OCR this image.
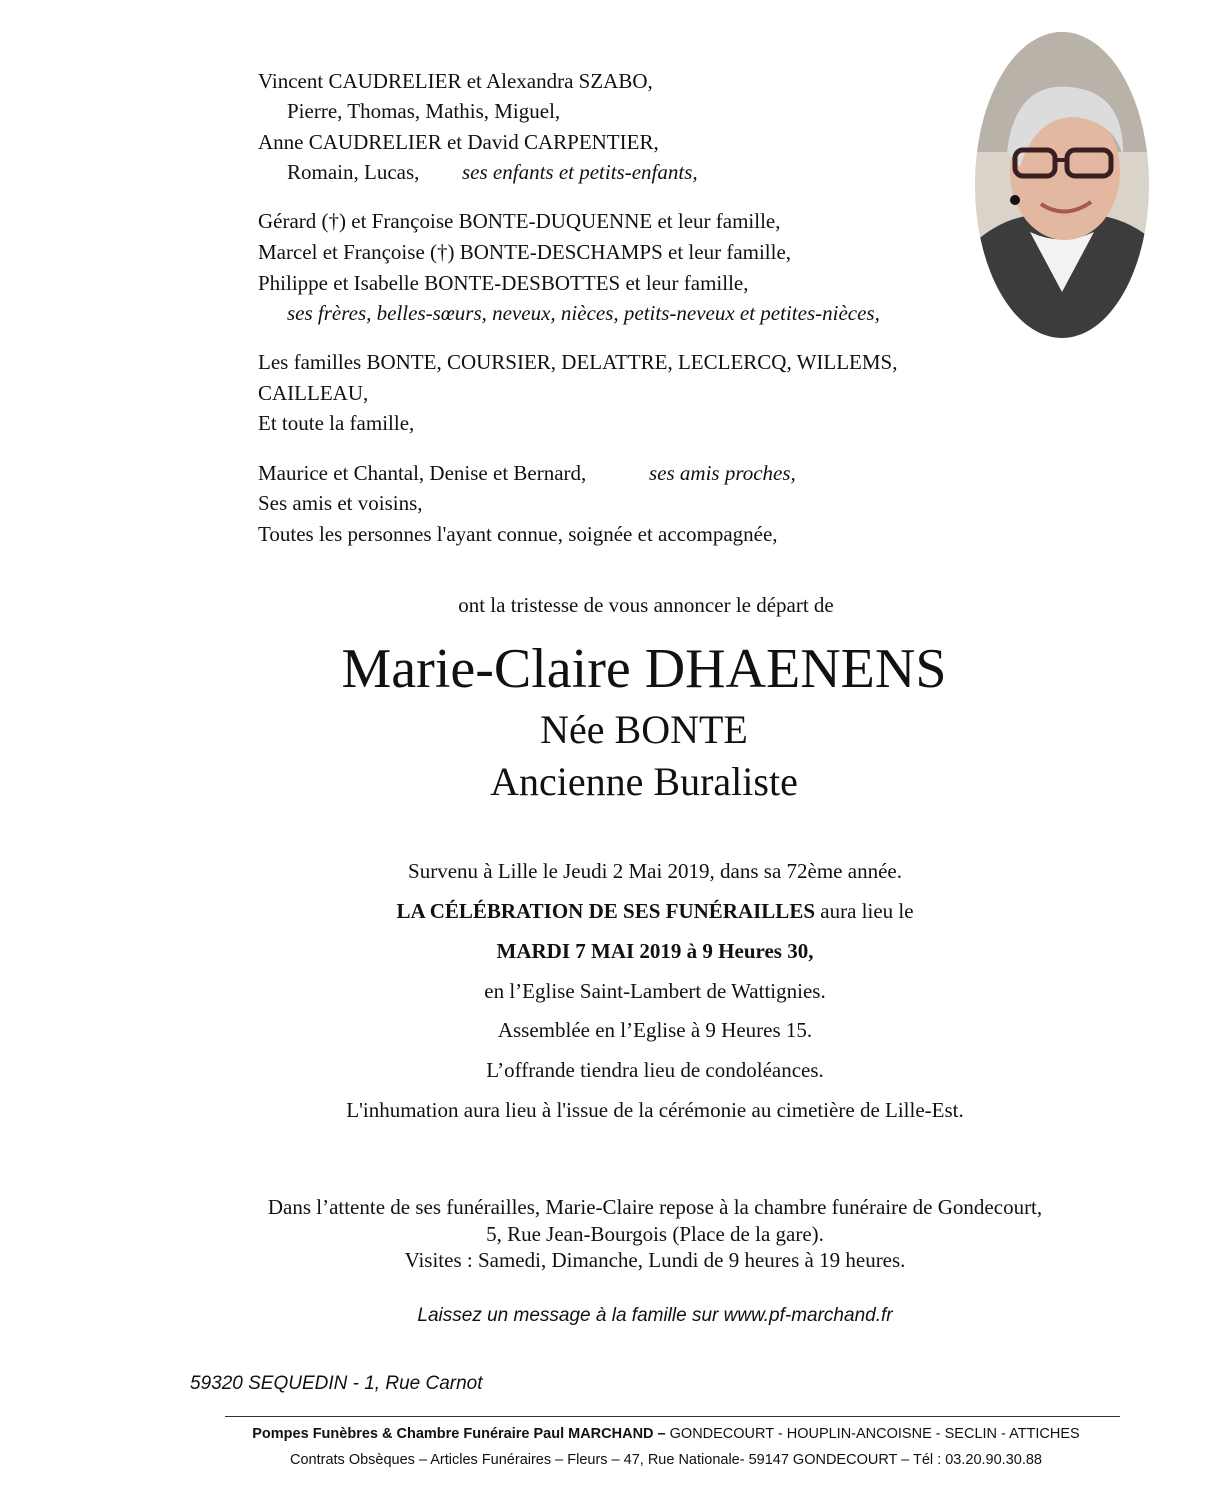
Vincent CAUDRELIER et Alexandra SZABO,
Pierre, Thomas, Mathis, Miguel,
Anne CAUDRELIER et David CARPENTIER,
Romain, Lucas, ses enfants et petits-enfants,
Gérard (†) et Françoise BONTE-DUQUENNE et leur famille,
Marcel et Françoise (†) BONTE-DESCHAMPS et leur famille,
Philippe et Isabelle BONTE-DESBOTTES et leur famille,
ses frères, belles-sœurs, neveux, nièces, petits-neveux et petites-nièces,
Les familles BONTE, COURSIER, DELATTRE, LECLERCQ, WILLEMS,
CAILLEAU,
Et toute la famille,
Maurice et Chantal, Denise et Bernard,	ses amis proches,
Ses amis et voisins,
Toutes les personnes l'ayant connue, soignée et accompagnée,
ont la tristesse de vous annoncer le départ de
Marie-Claire DHAENENS
Née BONTE
Ancienne Buraliste
Survenu à Lille le Jeudi 2 Mai 2019, dans sa 72ème année.
LA CÉLÉBRATION DE SES FUNÉRAILLES aura lieu le
MARDI 7 MAI 2019 à 9 Heures 30,
en l’Eglise Saint-Lambert de Wattignies.
Assemblée en l’Eglise à 9 Heures 15.
L’offrande tiendra lieu de condoléances.
L'inhumation aura lieu à l'issue de la cérémonie au cimetière de Lille-Est.
Dans l’attente de ses funérailles, Marie-Claire repose à la chambre funéraire de Gondecourt,
5, Rue Jean-Bourgois (Place de la gare).
Visites : Samedi, Dimanche, Lundi de 9 heures à 19 heures.
Laissez un message à la famille sur www.pf-marchand.fr
59320 SEQUEDIN - 1, Rue Carnot
Pompes Funèbres & Chambre Funéraire Paul MARCHAND – GONDECOURT - HOUPLIN-ANCOISNE - SECLIN - ATTICHES
Contrats Obsèques – Articles Funéraires – Fleurs – 47, Rue Nationale- 59147 GONDECOURT – Tél : 03.20.90.30.88
